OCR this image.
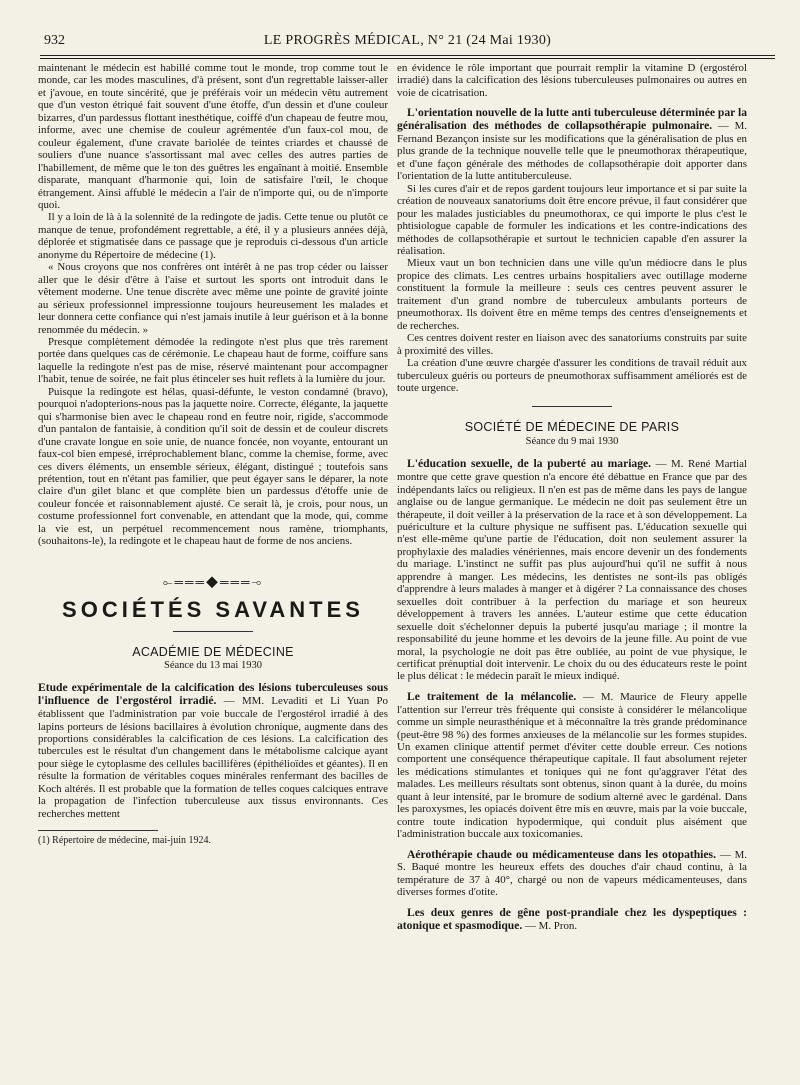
932	LE PROGRÈS MÉDICAL, N° 21 (24 Mai 1930)

maintenant le médecin est habillé comme tout le monde, trop comme tout le monde, car les modes masculines, d'à présent, sont d'un regrettable laisser-aller et j'avoue, en toute sincérité, que je préférais voir un médecin vêtu autrement que d'un veston étriqué fait souvent d'une étoffe, d'un dessin et d'une couleur bizarres, d'un pardessus flottant inesthétique, coiffé d'un chapeau de feutre mou, informe, avec une chemise de couleur agrémentée d'un faux-col mou, de couleur également, d'une cravate bariolée de teintes criardes et chaussé de souliers d'une nuance s'assortissant mal avec celles des autres parties de l'habillement, de même que le ton des guêtres les engaînant à moitié. Ensemble disparate, manquant d'harmonie qui, loin de satisfaire l'œil, le choque étrangement. Ainsi affublé le médecin a l'air de n'importe qui, ou de n'importe quoi.

Il y a loin de là à la solennité de la redingote de jadis. Cette tenue ou plutôt ce manque de tenue, profondément regrettable, a été, il y a plusieurs années déjà, déplorée et stigmatisée dans ce passage que je reproduis ci-dessous d'un article anonyme du Répertoire de médecine (1).

« Nous croyons que nos confrères ont intérêt à ne pas trop céder ou laisser aller que le désir d'être à l'aise et surtout les sports ont introduit dans le vêtement moderne. Une tenue discrète avec même une pointe de gravité jointe au sérieux professionnel impressionne toujours heureusement les malades et leur donnera cette confiance qui n'est jamais inutile à leur guérison et à la bonne renommée du médecin. »

Presque complètement démodée la redingote n'est plus que très rarement portée dans quelques cas de cérémonie. Le chapeau haut de forme, coiffure sans laquelle la redingote n'est pas de mise, réservé maintenant pour accompagner l'habit, tenue de soirée, ne fait plus étinceler ses huit reflets à la lumière du jour.

Puisque la redingote est hélas, quasi-défunte, le veston condamné (bravo), pourquoi n'adopterions-nous pas la jaquette noire. Correcte, élégante, la jaquette qui s'harmonise bien avec le chapeau rond en feutre noir, rigide, s'accommode d'un pantalon de fantaisie, à condition qu'il soit de dessin et de couleur discrets d'une cravate longue en soie unie, de nuance foncée, non voyante, entourant un faux-col bien empesé, irréprochablement blanc, comme la chemise, forme, avec ces divers éléments, un ensemble sérieux, élégant, distingué ; toutefois sans prétention, tout en n'étant pas familier, que peut égayer sans le déparer, la note claire d'un gilet blanc et que complète bien un pardessus d'étoffe unie de couleur foncée et raisonnablement ajusté. Ce serait là, je crois, pour nous, un costume professionnel fort convenable, en attendant que la mode, qui, comme la vie est, un perpétuel recommencement nous ramène, triomphants, (souhaitons-le), la redingote et le chapeau haut de forme de nos anciens.

⟜═══◆═══⊸
SOCIÉTÉS SAVANTES
ACADÉMIE DE MÉDECINE
Séance du 13 mai 1930

Etude expérimentale de la calcification des lésions tuberculeuses sous l'influence de l'ergostérol irradié. — MM. Levaditi et Li Yuan Po établissent que l'administration par voie buccale de l'ergostérol irradié à des lapins porteurs de lésions bacillaires à évolution chronique, augmente dans des proportions considérables la calcification de ces lésions. La calcification des tubercules est le résultat d'un changement dans le métabolisme calcique ayant pour siège le cytoplasme des cellules bacillifères (épithélioïdes et géantes). Il en résulte la formation de véritables coques minérales renfermant des bacilles de Koch altérés. Il est probable que la formation de telles coques calciques entrave la propagation de l'infection tuberculeuse aux tissus environnants. Ces recherches mettent

(1) Répertoire de médecine, mai-juin 1924.

en évidence le rôle important que pourrait remplir la vitamine D (ergostérol irradié) dans la calcification des lésions tuberculeuses pulmonaires ou autres en voie de cicatrisation.

L'orientation nouvelle de la lutte anti tuberculeuse déterminée par la généralisation des méthodes de collapsothérapie pulmonaire. — M. Fernand Bezançon insiste sur les modifications que la généralisation de plus en plus grande de la technique nouvelle telle que le pneumothorax thérapeutique, et d'une façon générale des méthodes de collapsothérapie doit apporter dans l'orientation de la lutte antituberculeuse.

Si les cures d'air et de repos gardent toujours leur importance et si par suite la création de nouveaux sanatoriums doit être encore prévue, il faut considérer que pour les malades justiciables du pneumothorax, ce qui importe le plus c'est le phtisiologue capable de formuler les indications et les contre-indications des méthodes de collapsothérapie et surtout le technicien capable d'en assurer la réalisation.

Mieux vaut un bon technicien dans une ville qu'un médiocre dans le plus propice des climats. Les centres urbains hospitaliers avec outillage moderne constituent la formule la meilleure : seuls ces centres peuvent assurer le traitement d'un grand nombre de tuberculeux ambulants porteurs de pneumothorax. Ils doivent être en même temps des centres d'enseignements et de recherches.

Ces centres doivent rester en liaison avec des sanatoriums construits par suite à proximité des villes.

La création d'une œuvre chargée d'assurer les conditions de travail réduit aux tuberculeux guéris ou porteurs de pneumothorax suffisamment améliorés est de toute urgence.

SOCIÉTÉ DE MÉDECINE DE PARIS
Séance du 9 mai 1930

L'éducation sexuelle, de la puberté au mariage. — M. René Martial montre que cette grave question n'a encore été débattue en France que par des indépendants laïcs ou religieux. Il n'en est pas de même dans les pays de langue anglaise ou de langue germanique. Le médecin ne doit pas seulement être un thérapeute, il doit veiller à la préservation de la race et à son développement. La puériculture et la culture physique ne suffisent pas. L'éducation sexuelle qui n'est elle-même qu'une partie de l'éducation, doit non seulement assurer la prophylaxie des maladies vénériennes, mais encore devenir un des fondements du mariage. L'instinct ne suffit pas plus aujourd'hui qu'il ne suffit à nous apprendre à manger. Les médecins, les dentistes ne sont-ils pas obligés d'apprendre à leurs malades à manger et à digérer ? La connaissance des choses sexuelles doit contribuer à la perfection du mariage et son heureux développement à travers les années. L'auteur estime que cette éducation sexuelle doit s'échelonner depuis la puberté jusqu'au mariage ; il montre la responsabilité du jeune homme et les devoirs de la jeune fille. Au point de vue moral, la psychologie ne doit pas être oubliée, au point de vue physique, le certificat prénuptial doit intervenir. Le choix du ou des éducateurs reste le point le plus délicat : le médecin paraît le mieux indiqué.

Le traitement de la mélancolie. — M. Maurice de Fleury appelle l'attention sur l'erreur très fréquente qui consiste à considérer le mélancolique comme un simple neurasthénique et à méconnaître la très grande prédominance (peut-être 98 %) des formes anxieuses de la mélancolie sur les formes stupides. Un examen clinique attentif permet d'éviter cette double erreur. Ces notions comportent une conséquence thérapeutique capitale. Il faut absolument rejeter les médications stimulantes et toniques qui ne font qu'aggraver l'état des malades. Les meilleurs résultats sont obtenus, sinon quant à la durée, du moins quant à leur intensité, par le bromure de sodium alterné avec le gardénal. Dans les paroxysmes, les opiacés doivent être mis en œuvre, mais par la voie buccale, contre toute indication hypodermique, qui conduit plus aisément que l'administration buccale aux toxicomanies.

Aérothérapie chaude ou médicamenteuse dans les otopathies. — M. S. Baqué montre les heureux effets des douches d'air chaud continu, à la température de 37 à 40°, chargé ou non de vapeurs médicamenteuses, dans diverses formes d'otite.

Les deux genres de gêne post-prandiale chez les dyspeptiques : atonique et spasmodique. — M. Pron.
